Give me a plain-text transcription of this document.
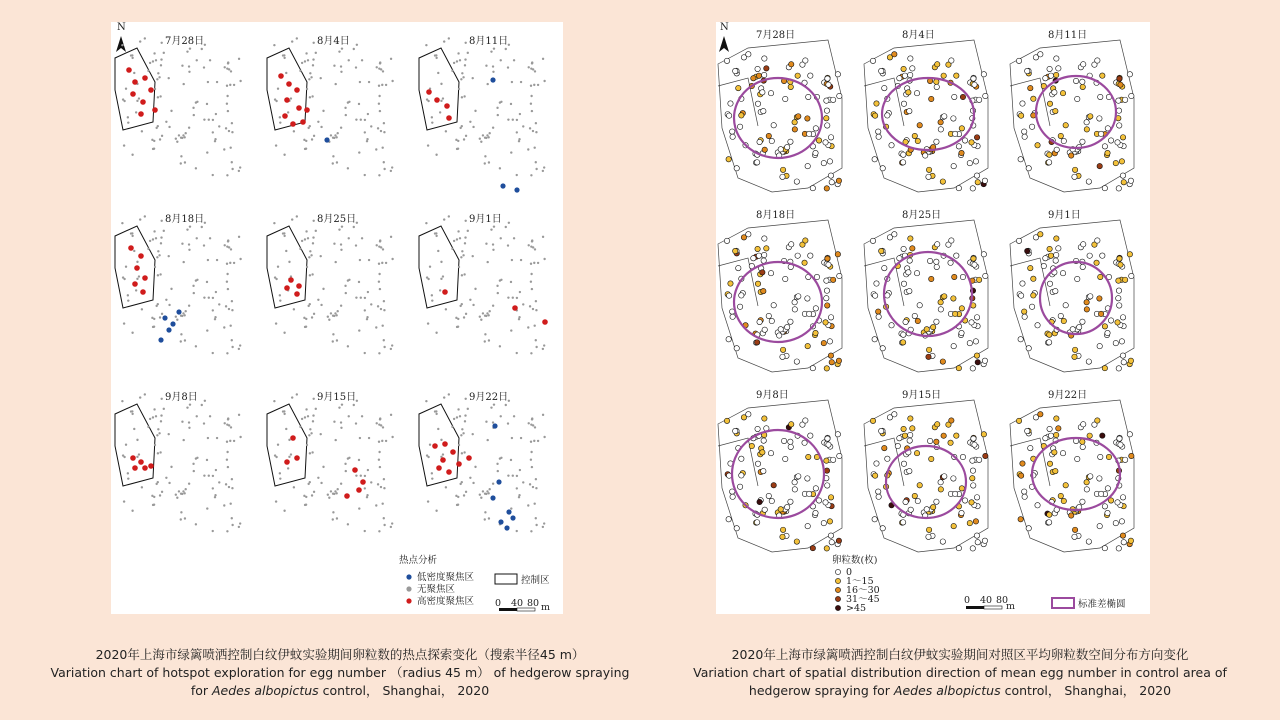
N
7月28日	8月4日	8月11日
8月18日	8月25日	9月1日
9月8日	9月15日	9月22日
热点分析
低密度聚焦区
无聚焦区
高密度聚焦区
控制区
0 40 80 m
N
7月28日	8月4日	8月11日
8月18日	8月25日	9月1日
9月8日	9月15日	9月22日
卵粒数(枚)
0
1～15
16～30
31～45
>45	标准差椭圆
0 40 80
m
2020年上海市绿篱喷洒控制白纹伊蚊实验期间卵粒数的热点探索变化（搜索半径45 m）
Variation chart of hotspot exploration for egg number （radius 45 m） of hedgerow spraying
for Aedes albopictus control， Shanghai， 2020
2020年上海市绿篱喷洒控制白纹伊蚊实验期间对照区平均卵粒数空间分布方向变化
Variation chart of spatial distribution direction of mean egg number in control area of
hedgerow spraying for Aedes albopictus control， Shanghai， 2020
